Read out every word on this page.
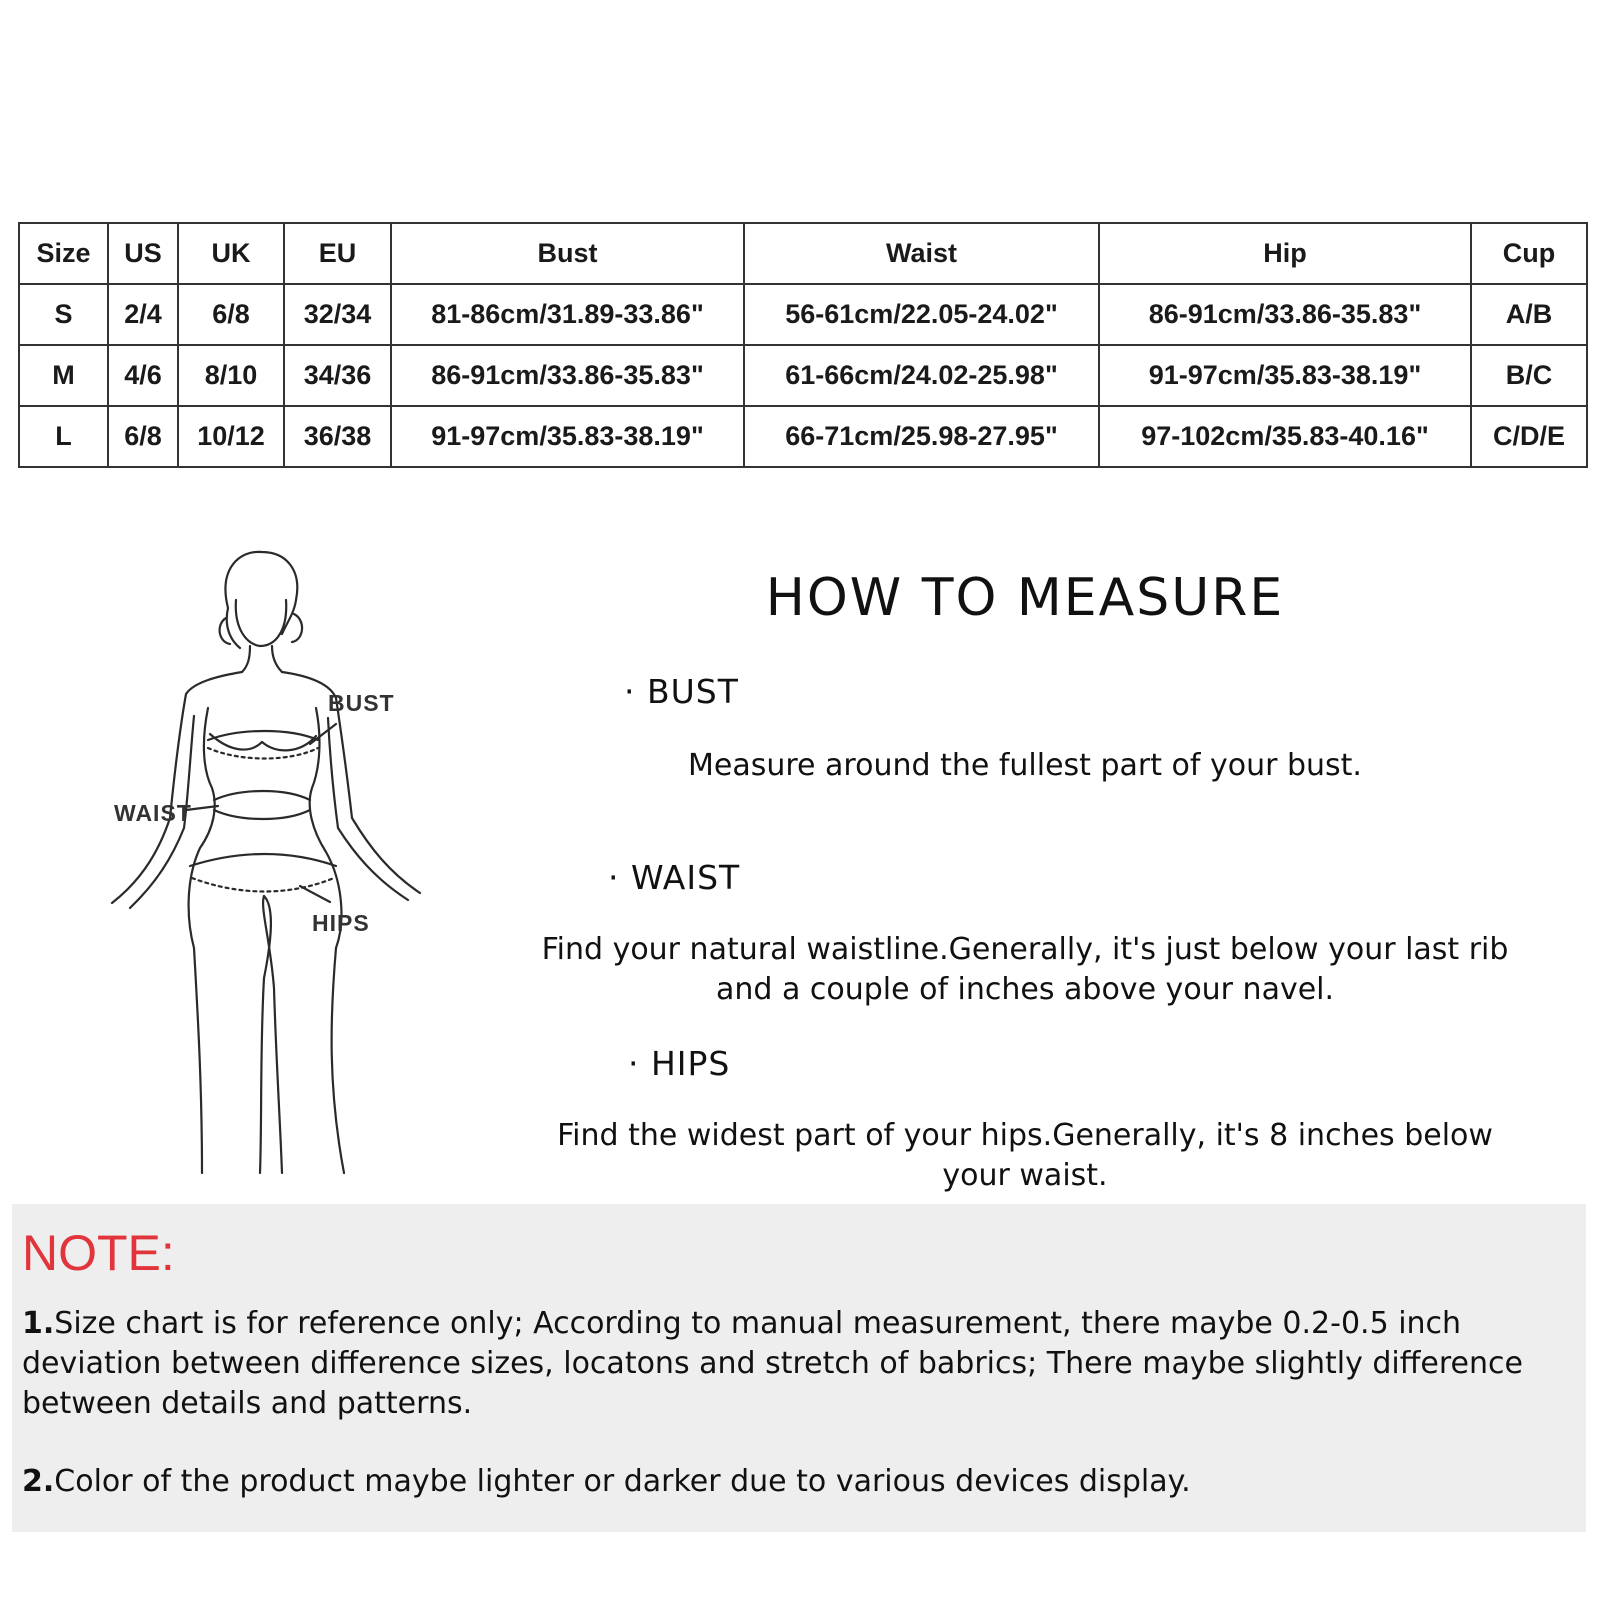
Size	US	UK	EU	Bust	Waist	Hip	Cup
S	2/4	6/8	32/34	81-86cm/31.89-33.86"	56-61cm/22.05-24.02"	86-91cm/33.86-35.83"	A/B
M	4/6	8/10	34/36	86-91cm/33.86-35.83"	61-66cm/24.02-25.98"	91-97cm/35.83-38.19"	B/C
L	6/8	10/12	36/38	91-97cm/35.83-38.19"	66-71cm/25.98-27.95"	97-102cm/35.83-40.16"	C/D/E
BUST
WAIST
HIPS
HOW TO MEASURE
· BUST

Measure around the fullest part of your bust.

· WAIST

Find your natural waistline.Generally, it's just below your last rib
and a couple of inches above your navel.

· HIPS

Find the widest part of your hips.Generally, it's 8 inches below
your waist.

NOTE:

1.Size chart is for reference only; According to manual measurement, there maybe 0.2-0.5 inch
deviation between difference sizes, locatons and stretch of babrics; There maybe slightly difference
between details and patterns.

2.Color of the product maybe lighter or darker due to various devices display.
